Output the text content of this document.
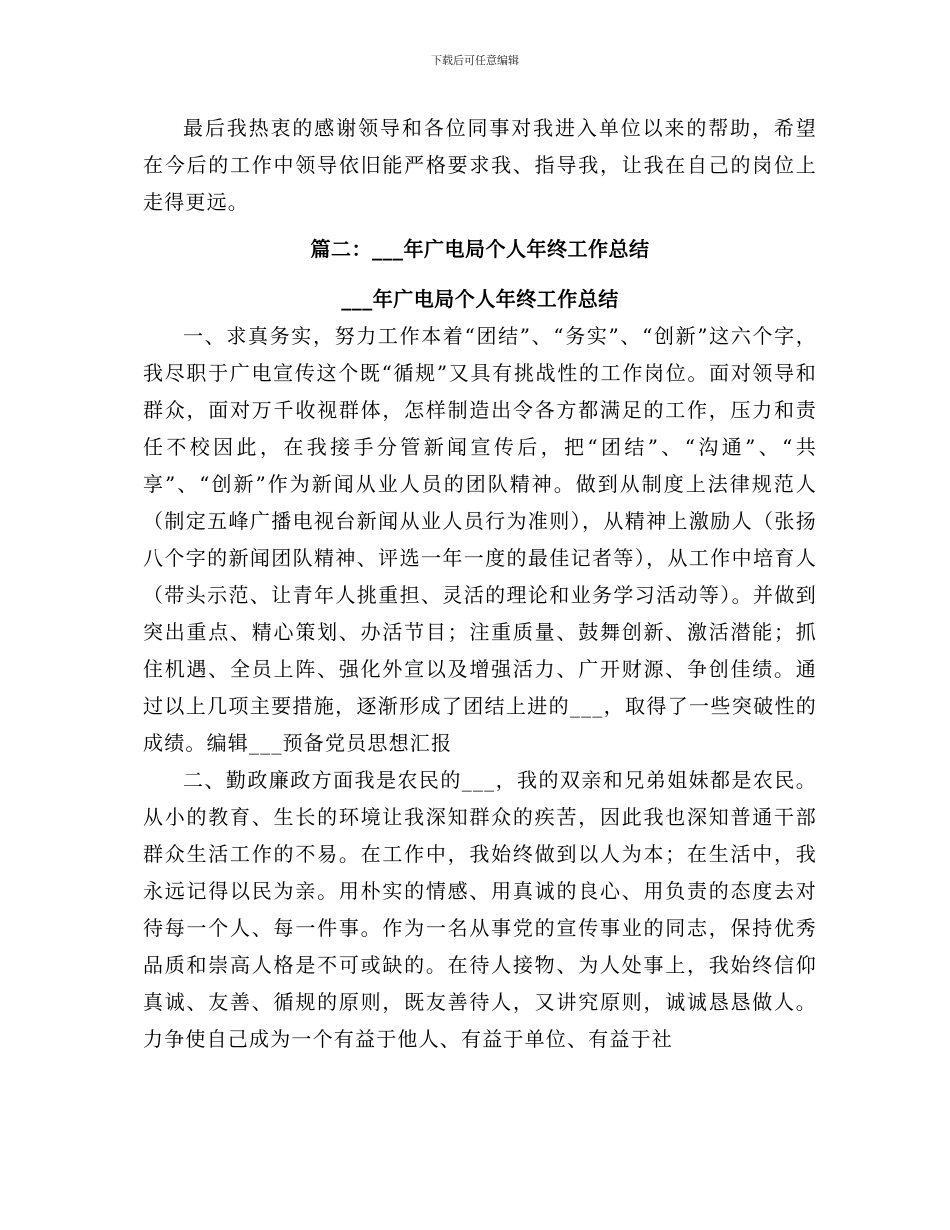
下载后可任意编辑

最后我热衷的感谢领导和各位同事对我进入单位以来的帮助，希望在今后的工作中领导依旧能严格要求我、指导我，让我在自己的岗位上走得更远。

篇二：___年广电局个人年终工作总结

___年广电局个人年终工作总结

一、求真务实，努力工作本着“团结”、“务实”、“创新”这六个字，我尽职于广电宣传这个既“循规”又具有挑战性的工作岗位。面对领导和群众，面对万千收视群体，怎样制造出令各方都满足的工作，压力和责任不校因此，在我接手分管新闻宣传后，把“团结”、“沟通”、“共享”、“创新”作为新闻从业人员的团队精神。做到从制度上法律规范人（制定五峰广播电视台新闻从业人员行为准则），从精神上激励人（张扬八个字的新闻团队精神、评选一年一度的最佳记者等），从工作中培育人（带头示范、让青年人挑重担、灵活的理论和业务学习活动等）。并做到突出重点、精心策划、办活节目；注重质量、鼓舞创新、激活潜能；抓住机遇、全员上阵、强化外宣以及增强活力、广开财源、争创佳绩。通过以上几项主要措施，逐渐形成了团结上进的___，取得了一些突破性的成绩。编辑___预备党员思想汇报

二、勤政廉政方面我是农民的___，我的双亲和兄弟姐妹都是农民。从小的教育、生长的环境让我深知群众的疾苦，因此我也深知普通干部群众生活工作的不易。在工作中，我始终做到以人为本；在生活中，我永远记得以民为亲。用朴实的情感、用真诚的良心、用负责的态度去对待每一个人、每一件事。作为一名从事党的宣传事业的同志，保持优秀品质和崇高人格是不可或缺的。在待人接物、为人处事上，我始终信仰真诚、友善、循规的原则，既友善待人，又讲究原则，诚诚恳恳做人。力争使自己成为一个有益于他人、有益于单位、有益于社
